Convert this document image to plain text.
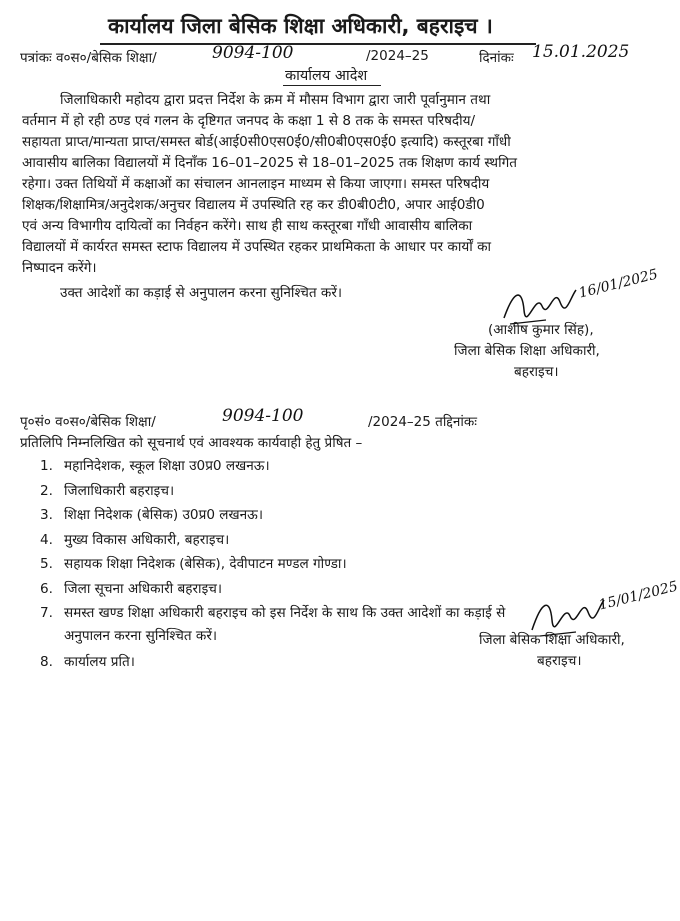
कार्यालय जिला बेसिक शिक्षा अधिकारी, बहराइच ।
पत्रांकः व०स०/बेसिक शिक्षा/	9094-100	/2024–25	दिनांकः 15.01.2025
कार्यालय आदेश
जिलाधिकारी महोदय द्वारा प्रदत्त निर्देश के क्रम में मौसम विभाग द्वारा जारी पूर्वानुमान तथा
वर्तमान में हो रही ठण्ड एवं गलन के दृष्टिगत जनपद के कक्षा 1 से 8 तक के समस्त परिषदीय/
सहायता प्राप्त/मान्यता प्राप्त/समस्त बोर्ड(आई0सी0एस0ई0/सी0बी0एस0ई0 इत्यादि) कस्तूरबा गाँधी
आवासीय बालिका विद्यालयों में दिनाँक 16–01–2025 से 18–01–2025 तक शिक्षण कार्य स्थगित
रहेगा। उक्त तिथियों में कक्षाओं का संचालन आनलाइन माध्यम से किया जाएगा। समस्त परिषदीय
शिक्षक/शिक्षामित्र/अनुदेशक/अनुचर विद्यालय में उपस्थिति रह कर डी0बी0टी0, अपार आई0डी0
एवं अन्य विभागीय दायित्वों का निर्वहन करेंगे। साथ ही साथ कस्तूरबा गाँधी आवासीय बालिका
विद्यालयों में कार्यरत समस्त स्टाफ विद्यालय में उपस्थित रहकर प्राथमिकता के आधार पर कार्यों का
निष्पादन करेंगे।
उक्त आदेशों का कड़ाई से अनुपालन करना सुनिश्चित करें।	16/01/2025
(आशीष कुमार सिंह),
जिला बेसिक शिक्षा अधिकारी,
बहराइच।
पृ०सं० व०स०/बेसिक शिक्षा/	9094-100	/2024–25 तद्दिनांकः
प्रतिलिपि निम्नलिखित को सूचनार्थ एवं आवश्यक कार्यवाही हेतु प्रेषित –
1. महानिदेशक, स्कूल शिक्षा उ0प्र0 लखनऊ।
2. जिलाधिकारी बहराइच।
3. शिक्षा निदेशक (बेसिक) उ0प्र0 लखनऊ।
4. मुख्य विकास अधिकारी, बहराइच।
5. सहायक शिक्षा निदेशक (बेसिक), देवीपाटन मण्डल गोण्डा।
6. जिला सूचना अधिकारी बहराइच।
7. समस्त खण्ड शिक्षा अधिकारी बहराइच को इस निर्देश के साथ कि उक्त आदेशों का कड़ाई से
अनुपालन करना सुनिश्चित करें।
8. कार्यालय प्रति।
15/01/2025
जिला बेसिक शिक्षा अधिकारी,
बहराइच।
